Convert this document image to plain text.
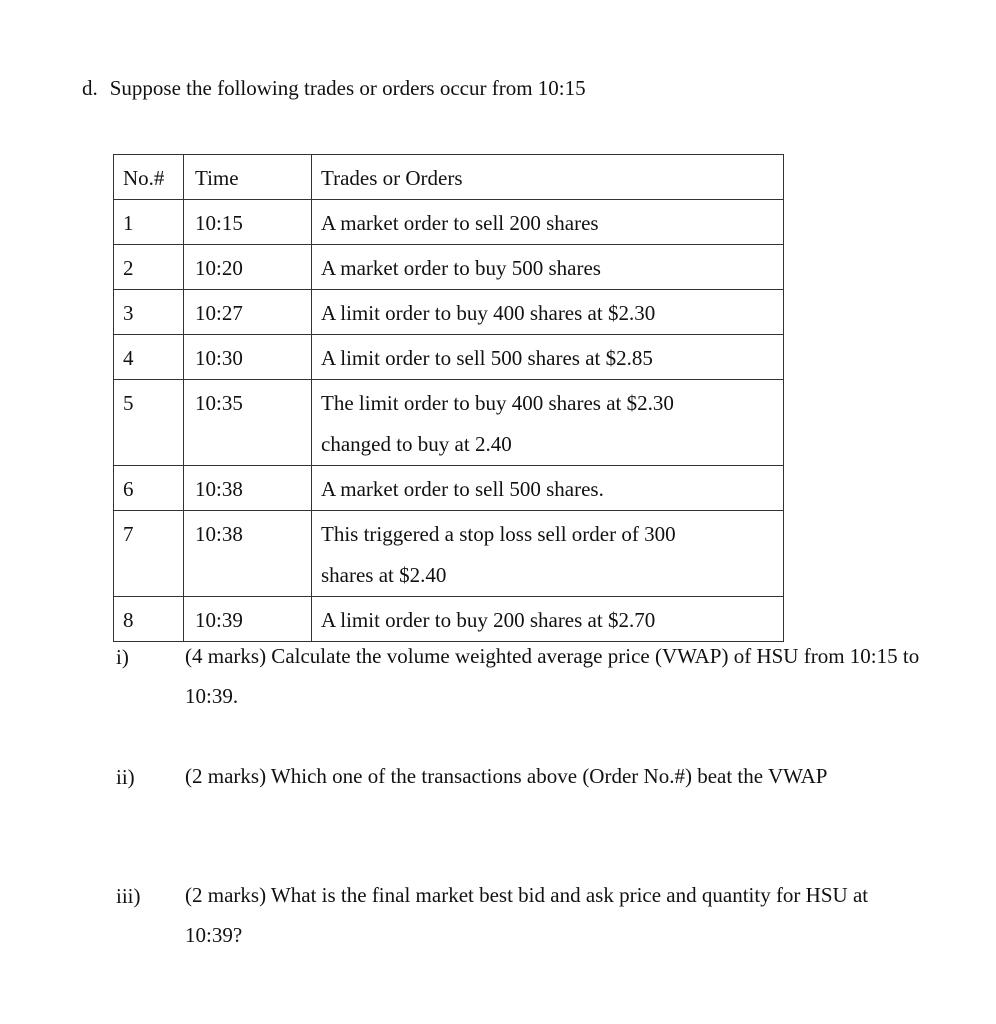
d. Suppose the following trades or orders occur from 10:15
No.#	Time	Trades or Orders
1	10:15	A market order to sell 200 shares
2	10:20	A market order to buy 500 shares
3	10:27	A limit order to buy 400 shares at $2.30
4	10:30	A limit order to sell 500 shares at $2.85
5	10:35	The limit order to buy 400 shares at $2.30
changed to buy at 2.40

6	10:38	A market order to sell 500 shares.
7	10:38	This triggered a stop loss sell order of 300
shares at $2.40

8	10:39	A limit order to buy 200 shares at $2.70
i)	(4 marks) Calculate the volume weighted average price (VWAP) of HSU from 10:15 to 10:39.
ii) (2 marks) Which one of the transactions above (Order No.#) beat the VWAP
iii) (2 marks) What is the final market best bid and ask price and quantity for HSU at 10:39?
